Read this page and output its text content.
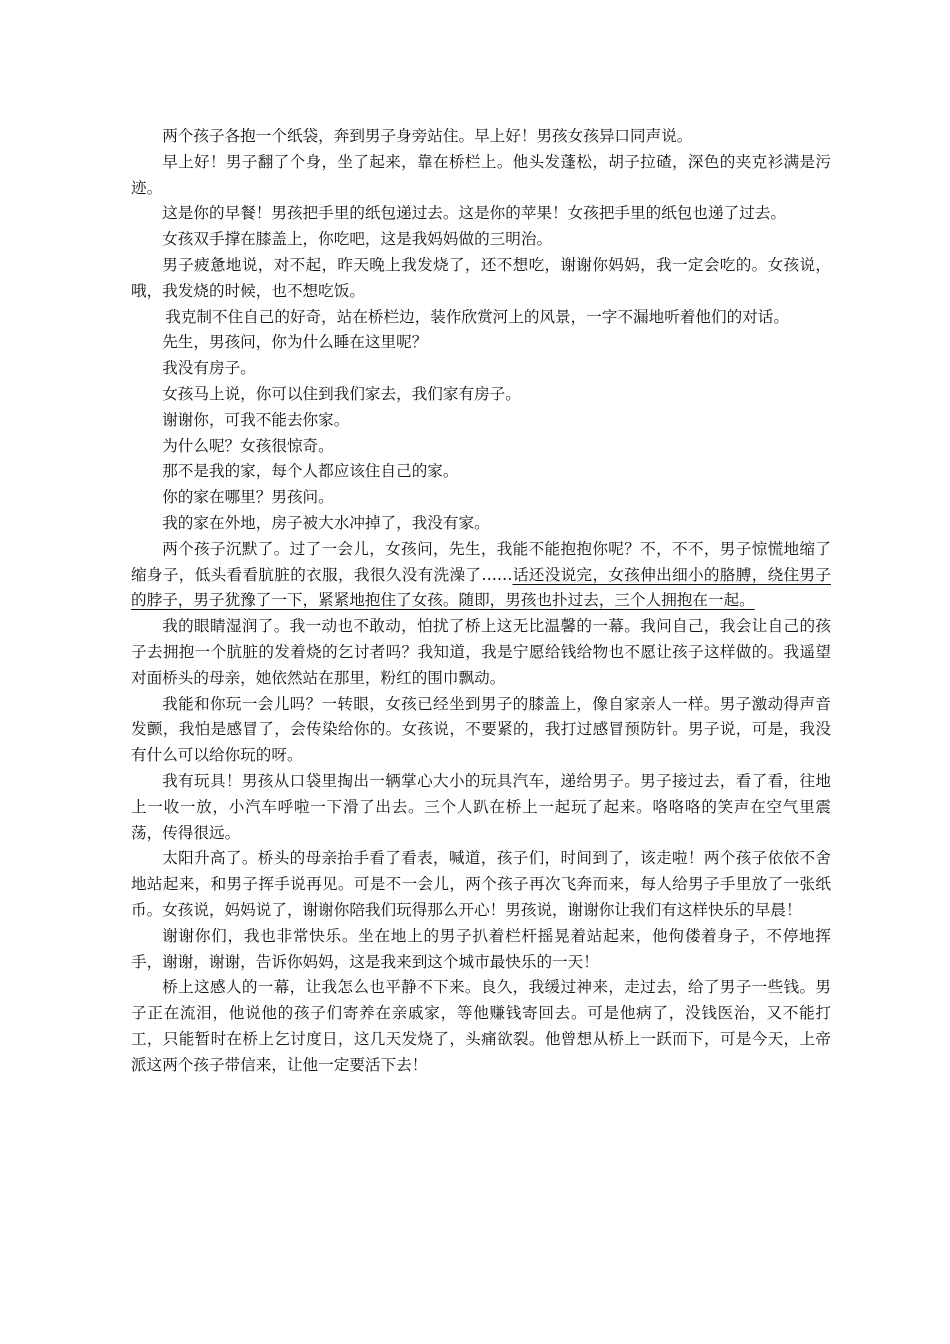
两个孩子各抱一个纸袋，奔到男子身旁站住。早上好！男孩女孩异口同声说。

早上好！男子翻了个身，坐了起来，靠在桥栏上。他头发蓬松，胡子拉碴，深色的夹克衫满是污迹。

这是你的早餐！男孩把手里的纸包递过去。这是你的苹果！女孩把手里的纸包也递了过去。

女孩双手撑在膝盖上，你吃吧，这是我妈妈做的三明治。

男子疲惫地说，对不起，昨天晚上我发烧了，还不想吃，谢谢你妈妈，我一定会吃的。女孩说，哦，我发烧的时候，也不想吃饭。

我克制不住自己的好奇，站在桥栏边，装作欣赏河上的风景，一字不漏地听着他们的对话。

先生，男孩问，你为什么睡在这里呢？

我没有房子。

女孩马上说，你可以住到我们家去，我们家有房子。

谢谢你，可我不能去你家。

为什么呢？女孩很惊奇。

那不是我的家，每个人都应该住自己的家。

你的家在哪里？男孩问。

我的家在外地，房子被大水冲掉了，我没有家。

两个孩子沉默了。过了一会儿，女孩问，先生，我能不能抱抱你呢？不，不不，男子惊慌地缩了缩身子，低头看看肮脏的衣服，我很久没有洗澡了……话还没说完，女孩伸出细小的胳膊，绕住男子的脖子，男子犹豫了一下，紧紧地抱住了女孩。随即，男孩也扑过去，三个人拥抱在一起。

我的眼睛湿润了。我一动也不敢动，怕扰了桥上这无比温馨的一幕。我问自己，我会让自己的孩子去拥抱一个肮脏的发着烧的乞讨者吗？我知道，我是宁愿给钱给物也不愿让孩子这样做的。我遥望对面桥头的母亲，她依然站在那里，粉红的围巾飘动。

我能和你玩一会儿吗？一转眼，女孩已经坐到男子的膝盖上，像自家亲人一样。男子激动得声音发颤，我怕是感冒了，会传染给你的。女孩说，不要紧的，我打过感冒预防针。男子说，可是，我没有什么可以给你玩的呀。

我有玩具！男孩从口袋里掏出一辆掌心大小的玩具汽车，递给男子。男子接过去，看了看，往地上一收一放，小汽车呼啦一下滑了出去。三个人趴在桥上一起玩了起来。咯咯咯的笑声在空气里震荡，传得很远。

太阳升高了。桥头的母亲抬手看了看表，喊道，孩子们，时间到了，该走啦！两个孩子依依不舍地站起来，和男子挥手说再见。可是不一会儿，两个孩子再次飞奔而来，每人给男子手里放了一张纸币。女孩说，妈妈说了，谢谢你陪我们玩得那么开心！男孩说，谢谢你让我们有这样快乐的早晨！

谢谢你们，我也非常快乐。坐在地上的男子扒着栏杆摇晃着站起来，他佝偻着身子，不停地挥手，谢谢，谢谢，告诉你妈妈，这是我来到这个城市最快乐的一天！

桥上这感人的一幕，让我怎么也平静不下来。良久，我缓过神来，走过去，给了男子一些钱。男子正在流泪，他说他的孩子们寄养在亲戚家，等他赚钱寄回去。可是他病了，没钱医治，又不能打工，只能暂时在桥上乞讨度日，这几天发烧了，头痛欲裂。他曾想从桥上一跃而下，可是今天，上帝派这两个孩子带信来，让他一定要活下去！
